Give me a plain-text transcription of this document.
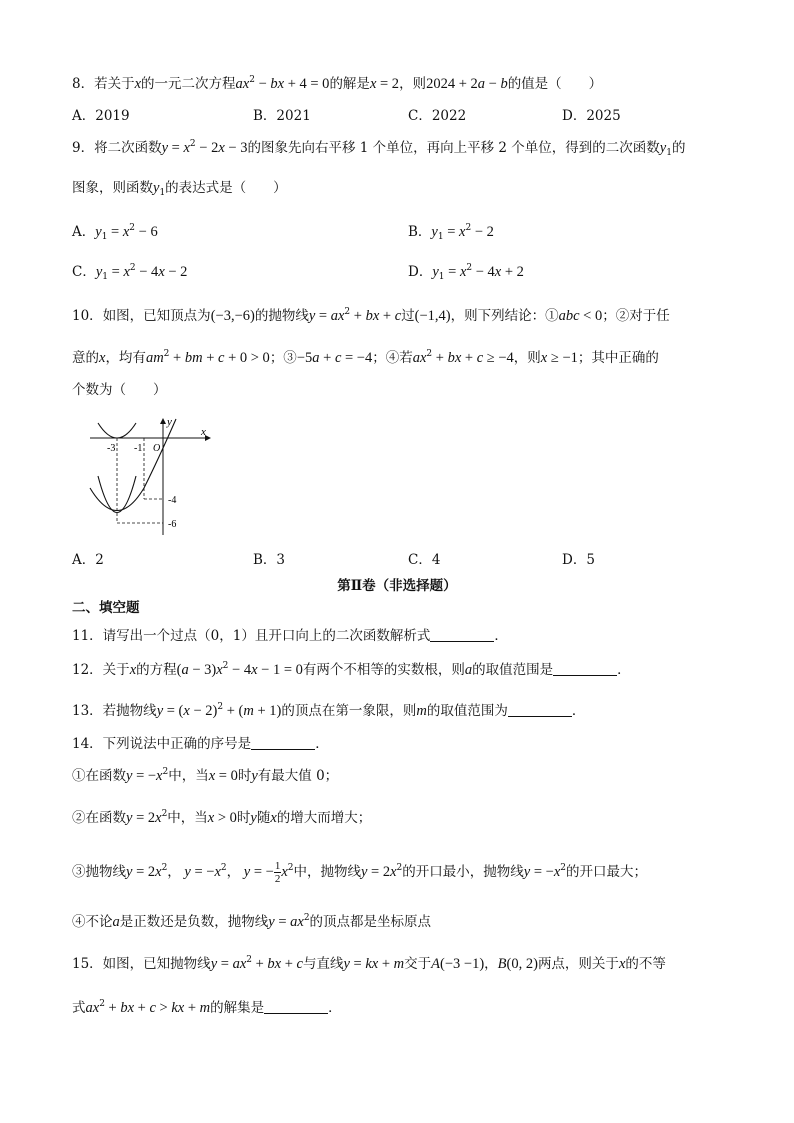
8．若关于x的一元二次方程$ax^2$ − bx + 4 = 0的解是x = 2，则2024 + 2a − b的值是（　　）
A．2019	B．2021	C．2022	D．2025
9．将二次函数$y = x^2 - 2x - 3$的图象先向右平移 1 个单位，再向上平移 2 个单位，得到的二次函数$y_1$的
图象，则函数$y_1$的表达式是（　　）
A．$y_1 = x^2 - 6$	B．$y_1 = x^2 - 2$
C．$y_1 = x^2 - 4x - 2$	D．$y_1 = x^2 - 4x + 2$
10．如图，已知顶点为(−3,−6)的抛物线$y = ax^2$ + bx + c过(−1,4)，则下列结论：①abc < 0；②对于任
意的x，均有$am^2$ + bm + c + 0 > 0；③−5a + c = −4；④若$ax^2$ + bx + c ≥ −4，则x ≥ −1；其中正确的
个数为（　　）
x
y
O
-3 -1
-4
-6
A．2	B．3	C．4	D．5
第Ⅱ卷（非选择题）
二、填空题
11．请写出一个过点（0，1）且开口向上的二次函数解析式	．
12．关于x的方程$(a - 3)x^2 - 4x - 1 = 0$有两个不相等的实数根，则a的取值范围是	．
13．若抛物线$y = (x - 2)^2 + (m + 1)$的顶点在第一象限，则m的取值范围为	．
14．下列说法中正确的序号是	．
①在函数$y = -x^2$中，当x = 0时y有最大值 0；
②在函数$y = 2x^2$中，当x > 0时y随x的增大而增大；
③抛物线$y = 2x^2$， $y = -x^2$， y = − $\frac{1}{2} x^2$中，抛物线$y = 2x^2$的开口最小，抛物线$y = -x^2$的开口最大；
④不论a是正数还是负数，抛物线$y = ax^2$的顶点都是坐标原点
15．如图，已知抛物线$y = ax^2$ + bx + c与直线y = kx + m交于A(−3 −1)，B(0, 2)两点，则关于x的不等
式$ax^2$ + bx + c > kx + m的解集是	．
